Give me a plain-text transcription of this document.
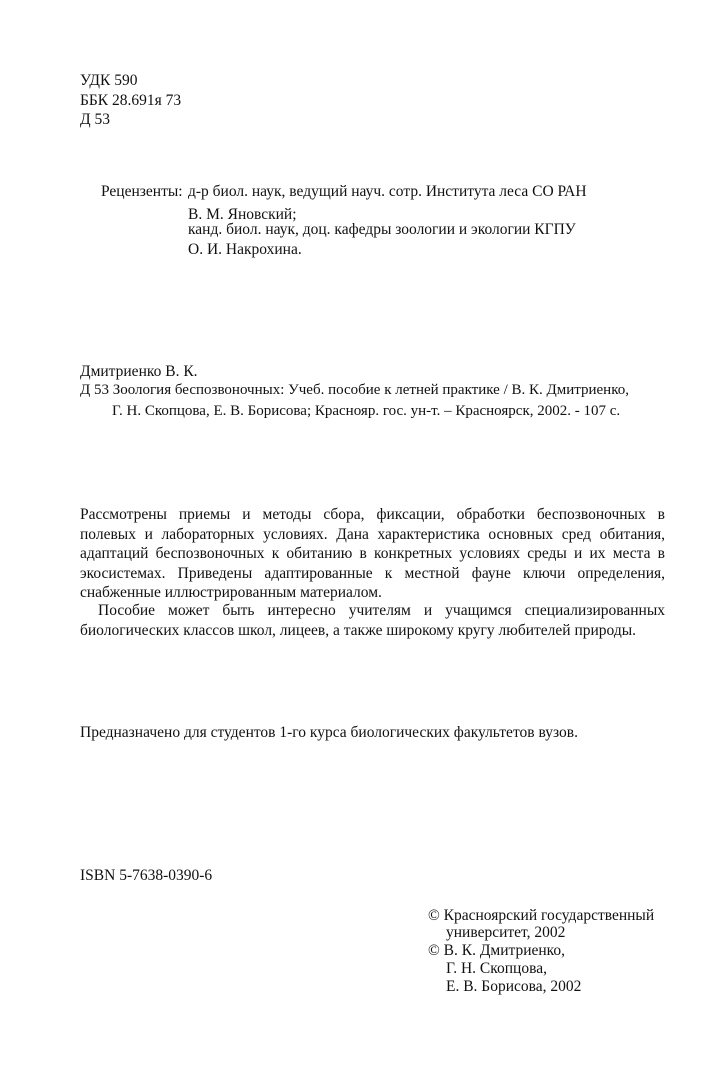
УДК 590
ББК 28.691я 73
Д 53
Рецензенты: д-р биол. наук, ведущий науч. сотр. Института леса СО РАН
В. М. Яновский;
канд. биол. наук, доц. кафедры зоологии и экологии КГПУ
О. И. Накрохина.
Дмитриенко В. К.
Д 53 Зоология беспозвоночных: Учеб. пособие к летней практике / В. К. Дмитриенко,
Г. Н. Скопцова, Е. В. Борисова; Краснояр. гос. ун-т. – Красноярск, 2002. - 107 с.
Рассмотрены приемы и методы сбора, фиксации, обработки беспозвоночных в
полевых и лабораторных условиях. Дана характеристика основных сред обитания,
адаптаций беспозвоночных к обитанию в конкретных условиях среды и их места в
экосистемах. Приведены адаптированные к местной фауне ключи определения,
снабженные иллюстрированным материалом.
Пособие может быть интересно учителям и учащимся специализированных
биологических классов школ, лицеев, а также широкому кругу любителей природы.
Предназначено для студентов 1-го курса биологических факультетов вузов.
ISBN 5-7638-0390-6
© Красноярский государственный
университет, 2002
© В. К. Дмитриенко,
Г. Н. Скопцова,
Е. В. Борисова, 2002
